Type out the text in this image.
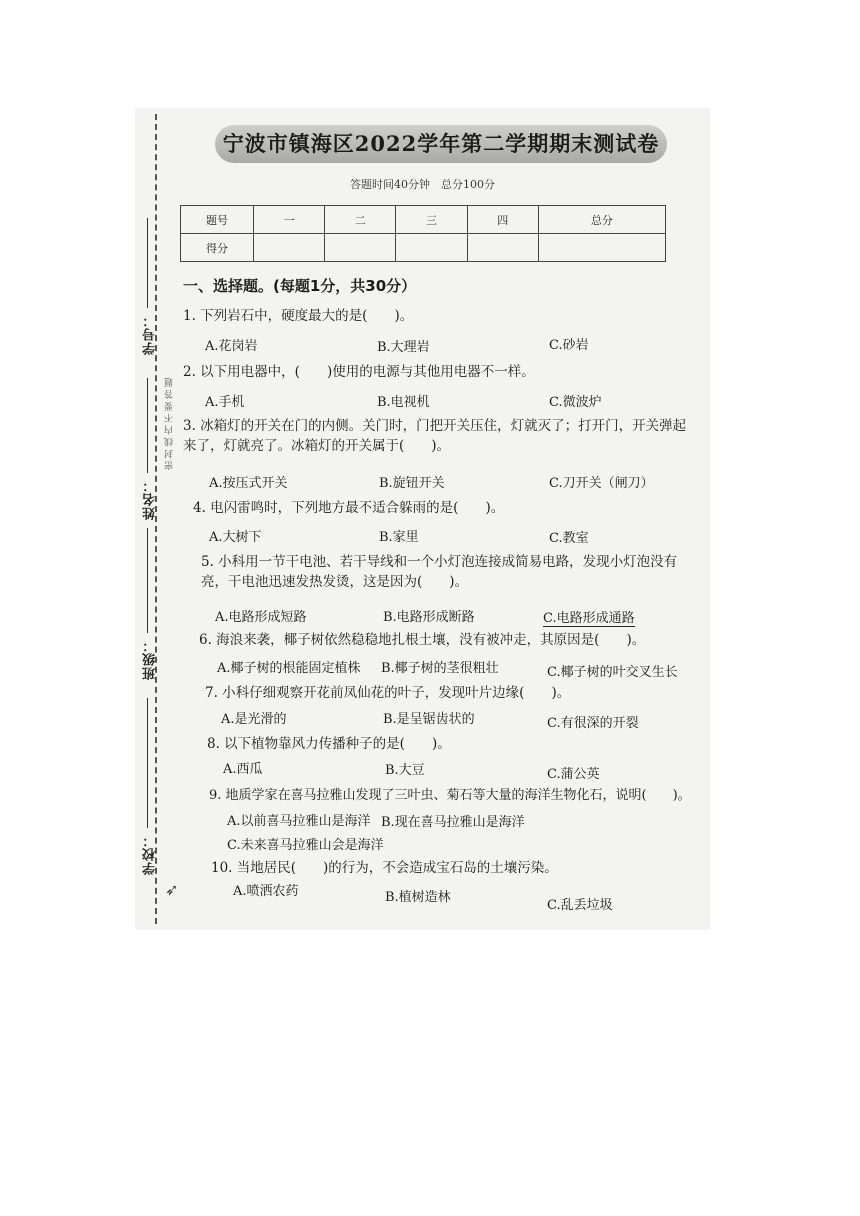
学号：
姓名：
班级：
学校：
密 封 线 内 不 要 答 题
➶
宁波市镇海区2022学年第二学期期末测试卷
答题时间40分钟　总分100分
题号	一	二	三	四	总分
得分					
一、选择题。(每题1分，共30分）
1. 下列岩石中，硬度最大的是(　　)。
A.花岗岩	B.大理岩	C.砂岩
2. 以下用电器中，(　　)使用的电源与其他用电器不一样。
A.手机	B.电视机	C.微波炉
3. 冰箱灯的开关在门的内侧。关门时，门把开关压住，灯就灭了；打开门，开关弹起来了，灯就亮了。冰箱灯的开关属于(　　)。
A.按压式开关	B.旋钮开关	C.刀开关（闸刀）
4. 电闪雷鸣时，下列地方最不适合躲雨的是(　　)。
A.大树下	B.家里	C.教室
5. 小科用一节干电池、若干导线和一个小灯泡连接成简易电路，发现小灯泡没有亮，干电池迅速发热发烫，这是因为(　　)。
A.电路形成短路	B.电路形成断路	C.电路形成通路
6. 海浪来袭，椰子树依然稳稳地扎根土壤，没有被冲走，其原因是(　　)。
A.椰子树的根能固定植株 B.椰子树的茎很粗壮	C.椰子树的叶交叉生长
7. 小科仔细观察开花前凤仙花的叶子，发现叶片边缘(　　)。
A.是光滑的	B.是呈锯齿状的	C.有很深的开裂
8. 以下植物靠风力传播种子的是(　　)。
A.西瓜	B.大豆	C.蒲公英
9. 地质学家在喜马拉雅山发现了三叶虫、菊石等大量的海洋生物化石，说明(　　)。
A.以前喜马拉雅山是海洋 B.现在喜马拉雅山是海洋
C.未来喜马拉雅山会是海洋
10. 当地居民(　　)的行为，不会造成宝石岛的土壤污染。
A.喷洒农药	B.植树造林
C.乱丢垃圾
